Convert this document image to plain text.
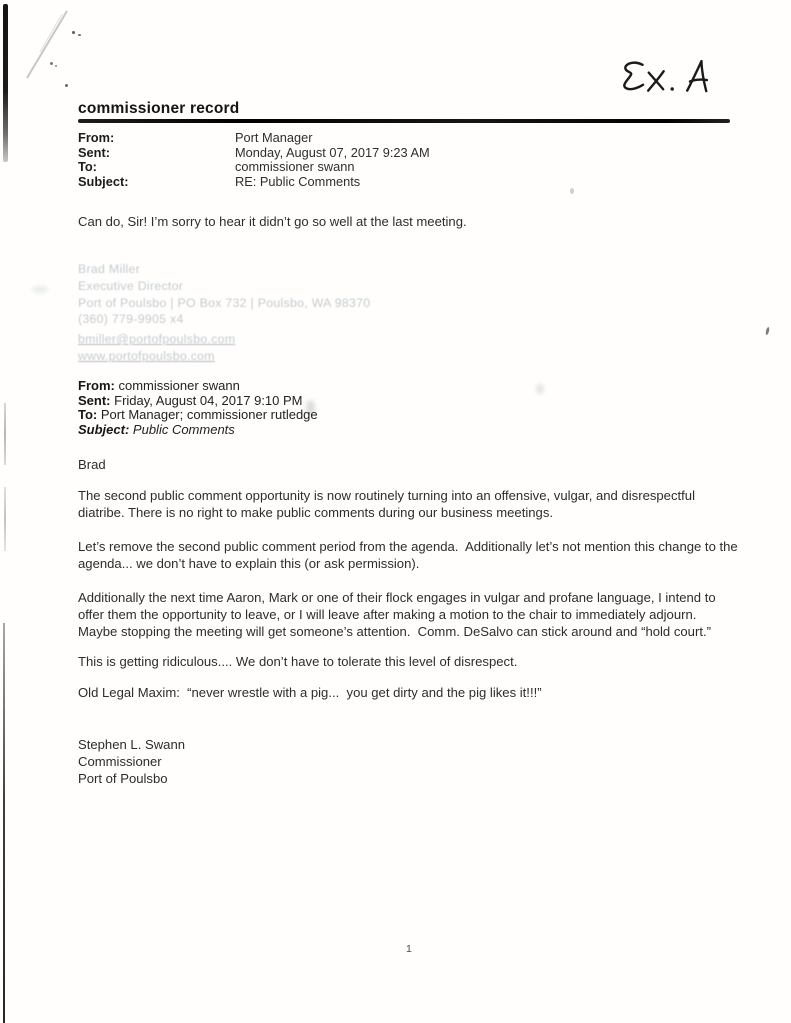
commissioner record
From:	Port Manager
Sent:	Monday, August 07, 2017 9:23 AM
To:	commissioner swann
Subject:	RE: Public Comments
Can do, Sir! I’m sorry to hear it didn’t go so well at the last meeting.
Brad Miller
Executive Director
Port of Poulsbo | PO Box 732 | Poulsbo, WA 98370
(360) 779-9905 x4
bmiller@portofpoulsbo.com
www.portofpoulsbo.com
From: commissioner swann
Sent: Friday, August 04, 2017 9:10 PM
To: Port Manager; commissioner rutledge
Subject: Public Comments
Brad
The second public comment opportunity is now routinely turning into an offensive, vulgar, and disrespectful diatribe. There is no right to make public comments during our business meetings.
Let’s remove the second public comment period from the agenda.  Additionally let’s not mention this change to the agenda... we don’t have to explain this (or ask permission).
Additionally the next time Aaron, Mark or one of their flock engages in vulgar and profane language, I intend to offer them the opportunity to leave, or I will leave after making a motion to the chair to immediately adjourn.  Maybe stopping the meeting will get someone’s attention.  Comm. DeSalvo can stick around and “hold court.”
This is getting ridiculous.... We don’t have to tolerate this level of disrespect.
Old Legal Maxim:  “never wrestle with a pig...  you get dirty and the pig likes it!!!”
Stephen L. Swann
Commissioner
Port of Poulsbo
1
